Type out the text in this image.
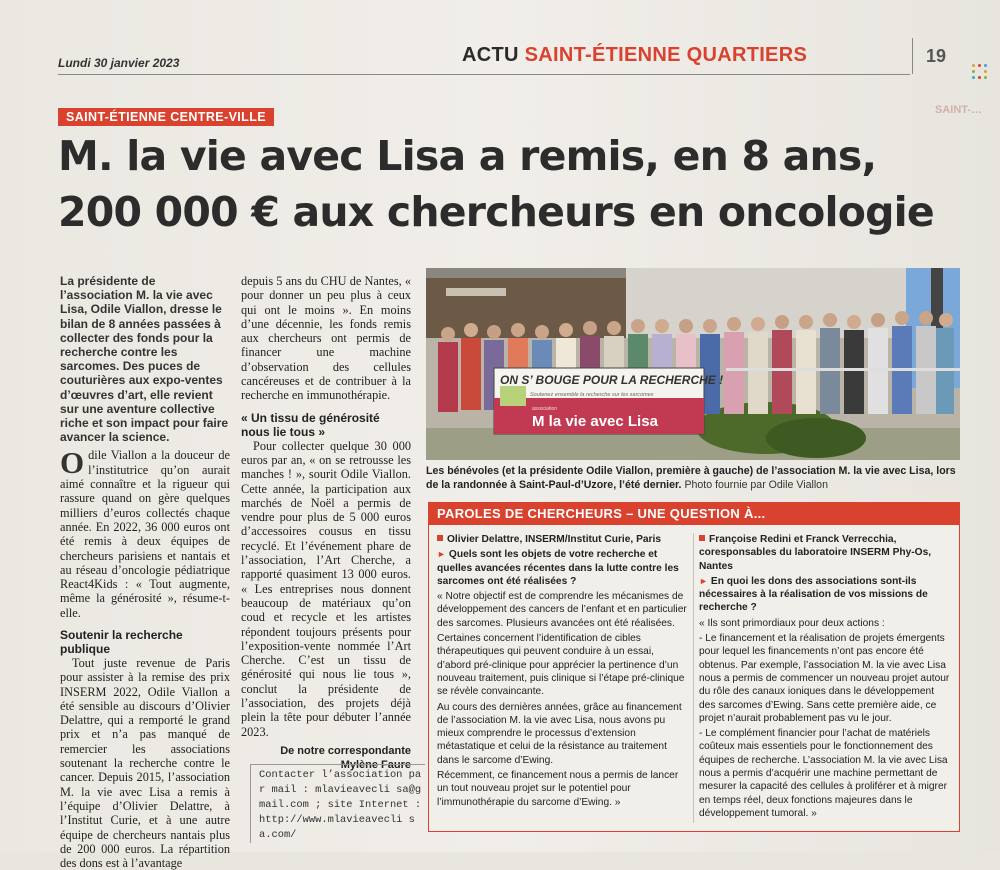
Lundi 30 janvier 2023	ACTU SAINT-ÉTIENNE QUARTIERS	19
SAINT-…
SAINT-ÉTIENNE CENTRE-VILLE
M. la vie avec Lisa a remis, en 8 ans,
200 000 € aux chercheurs en oncologie

La présidente de l’association M. la vie avec Lisa, Odile Viallon, dresse le bilan de 8 années passées à collecter des fonds pour la recherche contre les sarcomes. Des puces de couturières aux expo-ventes d’œuvres d’art, elle revient sur une aventure collective riche et son impact pour faire avancer la science.

Odile Viallon a la douceur de l’institutrice qu’on aurait aimé connaître et la rigueur qui rassure quand on gère quelques milliers d’euros collectés chaque année. En 2022, 36 000 euros ont été remis à deux équipes de chercheurs parisiens et nantais et au réseau d’oncologie pédiatrique React4Kids : « Tout augmente, même la générosité », résume-t-elle.

Soutenir la recherche publique

Tout juste revenue de Paris pour assister à la remise des prix INSERM 2022, Odile Viallon a été sensible au discours d’Olivier Delattre, qui a remporté le grand prix et n’a pas manqué de remercier les associations soutenant la recherche contre le cancer. Depuis 2015, l’association M. la vie avec Lisa a remis à l’équipe d’Olivier Delattre, à l’Institut Curie, et à une autre équipe de chercheurs nantais plus de 200 000 euros. La répartition des dons est à l’avantage

depuis 5 ans du CHU de Nantes, « pour donner un peu plus à ceux qui ont le moins ». En moins d’une décennie, les fonds remis aux chercheurs ont permis de financer une machine d’observation des cellules cancéreuses et de contribuer à la recherche en immunothérapie.

« Un tissu de générosité nous lie tous »

Pour collecter quelque 30 000 euros par an, « on se retrousse les manches ! », sourit Odile Viallon. Cette année, la participation aux marchés de Noël a permis de vendre pour plus de 5 000 euros d’accessoires cousus en tissu recyclé. Et l’événement phare de l’association, l’Art Cherche, a rapporté quasiment 13 000 euros. « Les entreprises nous donnent beaucoup de matériaux qu’on coud et recycle et les artistes répondent toujours présents pour l’exposition-vente nommée l’Art Cherche. C’est un tissu de générosité qui nous lie tous », conclut la présidente de l’association, des projets déjà plein la tête pour débuter l’année 2023.

De notre correspondante
Mylène Faure

Contacter l’association par mail : mlavieavecli sa@gmail.com ; site Internet : http://www.mlavieavecli sa.com/
ON S’ BOUGE POUR LA RECHERCHE !
Soutenez ensemble la recherche sur les sarcomes
association
M la vie avec Lisa
Les bénévoles (et la présidente Odile Viallon, première à gauche) de l’association M. la vie avec Lisa, lors de la randonnée à Saint-Paul-d’Uzore, l’été dernier. Photo fournie par Odile Viallon
PAROLES DE CHERCHEURS – UNE QUESTION À...

Olivier Delattre, INSERM/Institut Curie, Paris

► Quels sont les objets de votre recherche et quelles avancées récentes dans la lutte contre les sarcomes ont été réalisées ?

« Notre objectif est de comprendre les mécanismes de développement des cancers de l’enfant et en particulier des sarcomes. Plusieurs avancées ont été réalisées.

Certaines concernent l’identification de cibles thérapeutiques qui peuvent conduire à un essai, d’abord pré-clinique pour apprécier la pertinence d’un nouveau traitement, puis clinique si l’étape pré-clinique se révèle convaincante.

Au cours des dernières années, grâce au financement de l’association M. la vie avec Lisa, nous avons pu mieux comprendre le processus d’extension métastatique et celui de la résistance au traitement dans le sarcome d’Ewing.

Récemment, ce financement nous a permis de lancer un tout nouveau projet sur le potentiel pour l’immunothérapie du sarcome d’Ewing. »

Françoise Redini et Franck Verrecchia, coresponsables du laboratoire INSERM Phy-Os, Nantes

► En quoi les dons des associations sont-ils nécessaires à la réalisation de vos missions de recherche ?

« Ils sont primordiaux pour deux actions :

- Le financement et la réalisation de projets émergents pour lequel les financements n’ont pas encore été obtenus. Par exemple, l’association M. la vie avec Lisa nous a permis de commencer un nouveau projet autour du rôle des canaux ioniques dans le développement des sarcomes d’Ewing. Sans cette première aide, ce projet n’aurait probablement pas vu le jour.

- Le complément financier pour l’achat de matériels coûteux mais essentiels pour le fonctionnement des équipes de recherche. L’association M. la vie avec Lisa nous a permis d’acquérir une machine permettant de mesurer la capacité des cellules à proliférer et à migrer en temps réel, deux fonctions majeures dans le développement tumoral. »
